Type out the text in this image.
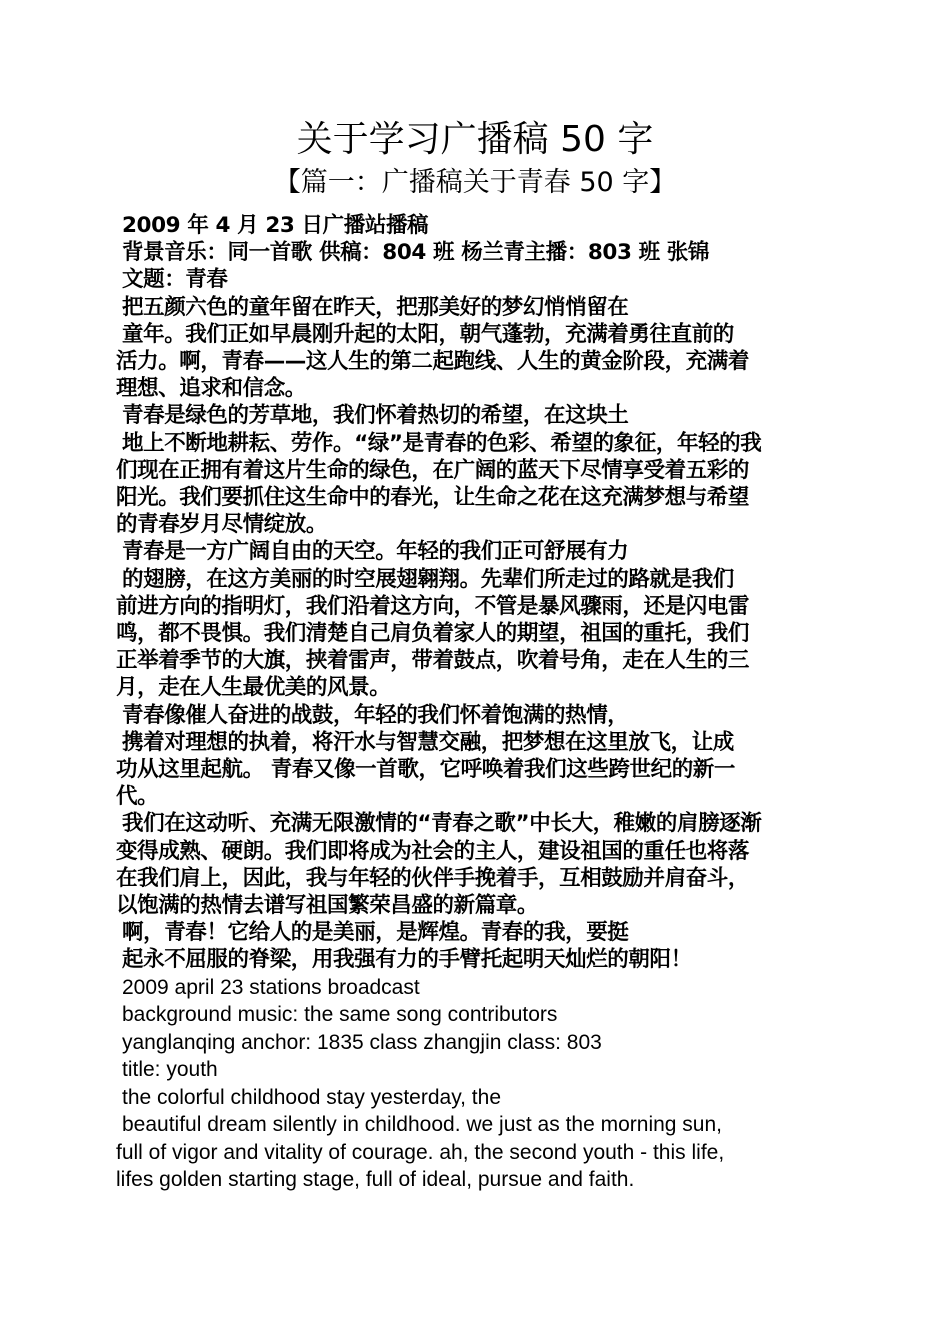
关于学习广播稿 50 字
【篇一：广播稿关于青春 50 字】
2009 年 4 月 23 日广播站播稿
背景音乐：同一首歌 供稿：804 班 杨兰青主播：803 班 张锦
文题：青春
把五颜六色的童年留在昨天，把那美好的梦幻悄悄留在
童年。我们正如早晨刚升起的太阳，朝气蓬勃，充满着勇往直前的
活力。啊，青春——这人生的第二起跑线、人生的黄金阶段，充满着
理想、追求和信念。
青春是绿色的芳草地，我们怀着热切的希望，在这块土
地上不断地耕耘、劳作。“绿”是青春的色彩、希望的象征，年轻的我
们现在正拥有着这片生命的绿色，在广阔的蓝天下尽情享受着五彩的
阳光。我们要抓住这生命中的春光，让生命之花在这充满梦想与希望
的青春岁月尽情绽放。
青春是一方广阔自由的天空。年轻的我们正可舒展有力
的翅膀，在这方美丽的时空展翅翱翔。先辈们所走过的路就是我们
前进方向的指明灯，我们沿着这方向，不管是暴风骤雨，还是闪电雷
鸣，都不畏惧。我们清楚自己肩负着家人的期望，祖国的重托，我们
正举着季节的大旗，挟着雷声，带着鼓点，吹着号角，走在人生的三
月，走在人生最优美的风景。
青春像催人奋进的战鼓，年轻的我们怀着饱满的热情，
携着对理想的执着，将汗水与智慧交融，把梦想在这里放飞，让成
功从这里起航。 青春又像一首歌，它呼唤着我们这些跨世纪的新一
代。
我们在这动听、充满无限激情的“青春之歌”中长大，稚嫩的肩膀逐渐
变得成熟、硬朗。我们即将成为社会的主人，建设祖国的重任也将落
在我们肩上，因此，我与年轻的伙伴手挽着手，互相鼓励并肩奋斗，
以饱满的热情去谱写祖国繁荣昌盛的新篇章。
啊，青春！它给人的是美丽，是辉煌。青春的我，要挺
起永不屈服的脊梁，用我强有力的手臂托起明天灿烂的朝阳！
2009 april 23 stations broadcast
background music: the same song contributors
yanglanqing anchor: 1835 class zhangjin class: 803
title: youth
the colorful childhood stay yesterday, the
beautiful dream silently in childhood. we just as the morning sun,
full of vigor and vitality of courage. ah, the second youth - this life,
lifes golden starting stage, full of ideal, pursue and faith.
